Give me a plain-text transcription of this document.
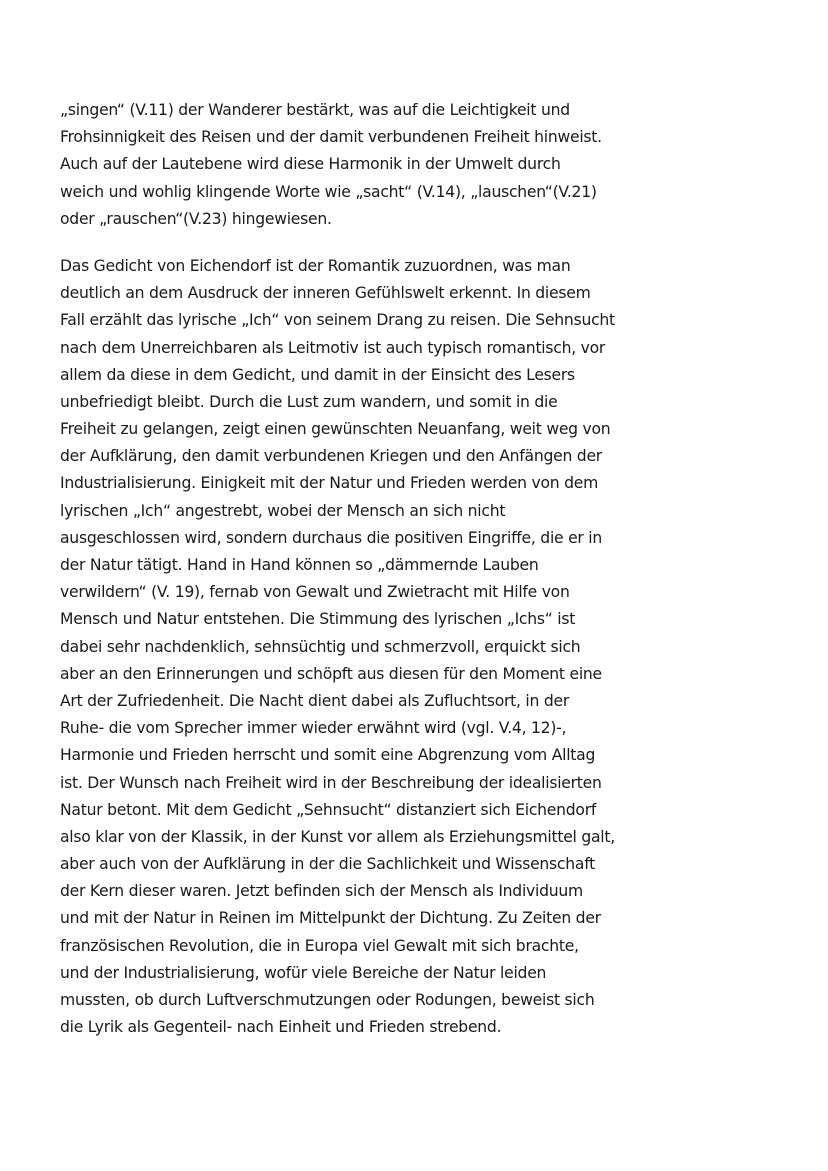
„singen“ (V.11) der Wanderer bestärkt, was auf die Leichtigkeit und
Frohsinnigkeit des Reisen und der damit verbundenen Freiheit hinweist.
Auch auf der Lautebene wird diese Harmonik in der Umwelt durch
weich und wohlig klingende Worte wie „sacht“ (V.14), „lauschen“(V.21)
oder „rauschen“(V.23) hingewiesen.
Das Gedicht von Eichendorf ist der Romantik zuzuordnen, was man
deutlich an dem Ausdruck der inneren Gefühlswelt erkennt. In diesem
Fall erzählt das lyrische „Ich“ von seinem Drang zu reisen. Die Sehnsucht
nach dem Unerreichbaren als Leitmotiv ist auch typisch romantisch, vor
allem da diese in dem Gedicht, und damit in der Einsicht des Lesers
unbefriedigt bleibt. Durch die Lust zum wandern, und somit in die
Freiheit zu gelangen, zeigt einen gewünschten Neuanfang, weit weg von
der Aufklärung, den damit verbundenen Kriegen und den Anfängen der
Industrialisierung. Einigkeit mit der Natur und Frieden werden von dem
lyrischen „Ich“ angestrebt, wobei der Mensch an sich nicht
ausgeschlossen wird, sondern durchaus die positiven Eingriffe, die er in
der Natur tätigt. Hand in Hand können so „dämmernde Lauben
verwildern“ (V. 19), fernab von Gewalt und Zwietracht mit Hilfe von
Mensch und Natur entstehen. Die Stimmung des lyrischen „Ichs“ ist
dabei sehr nachdenklich, sehnsüchtig und schmerzvoll, erquickt sich
aber an den Erinnerungen und schöpft aus diesen für den Moment eine
Art der Zufriedenheit. Die Nacht dient dabei als Zufluchtsort, in der
Ruhe- die vom Sprecher immer wieder erwähnt wird (vgl. V.4, 12)-,
Harmonie und Frieden herrscht und somit eine Abgrenzung vom Alltag
ist. Der Wunsch nach Freiheit wird in der Beschreibung der idealisierten
Natur betont. Mit dem Gedicht „Sehnsucht“ distanziert sich Eichendorf
also klar von der Klassik, in der Kunst vor allem als Erziehungsmittel galt,
aber auch von der Aufklärung in der die Sachlichkeit und Wissenschaft
der Kern dieser waren. Jetzt befinden sich der Mensch als Individuum
und mit der Natur in Reinen im Mittelpunkt der Dichtung. Zu Zeiten der
französischen Revolution, die in Europa viel Gewalt mit sich brachte,
und der Industrialisierung, wofür viele Bereiche der Natur leiden
mussten, ob durch Luftverschmutzungen oder Rodungen, beweist sich
die Lyrik als Gegenteil- nach Einheit und Frieden strebend.
